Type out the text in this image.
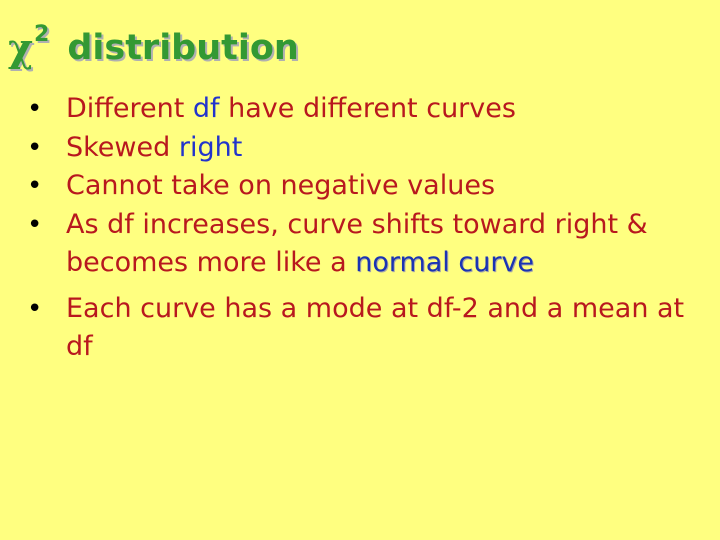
χ 2 distribution
• Different df have different curves
• Skewed right
• Cannot take on negative values
• As df increases, curve shifts toward right & becomes more like a normal curve
• Each curve has a mode at df-2 and a mean at df
